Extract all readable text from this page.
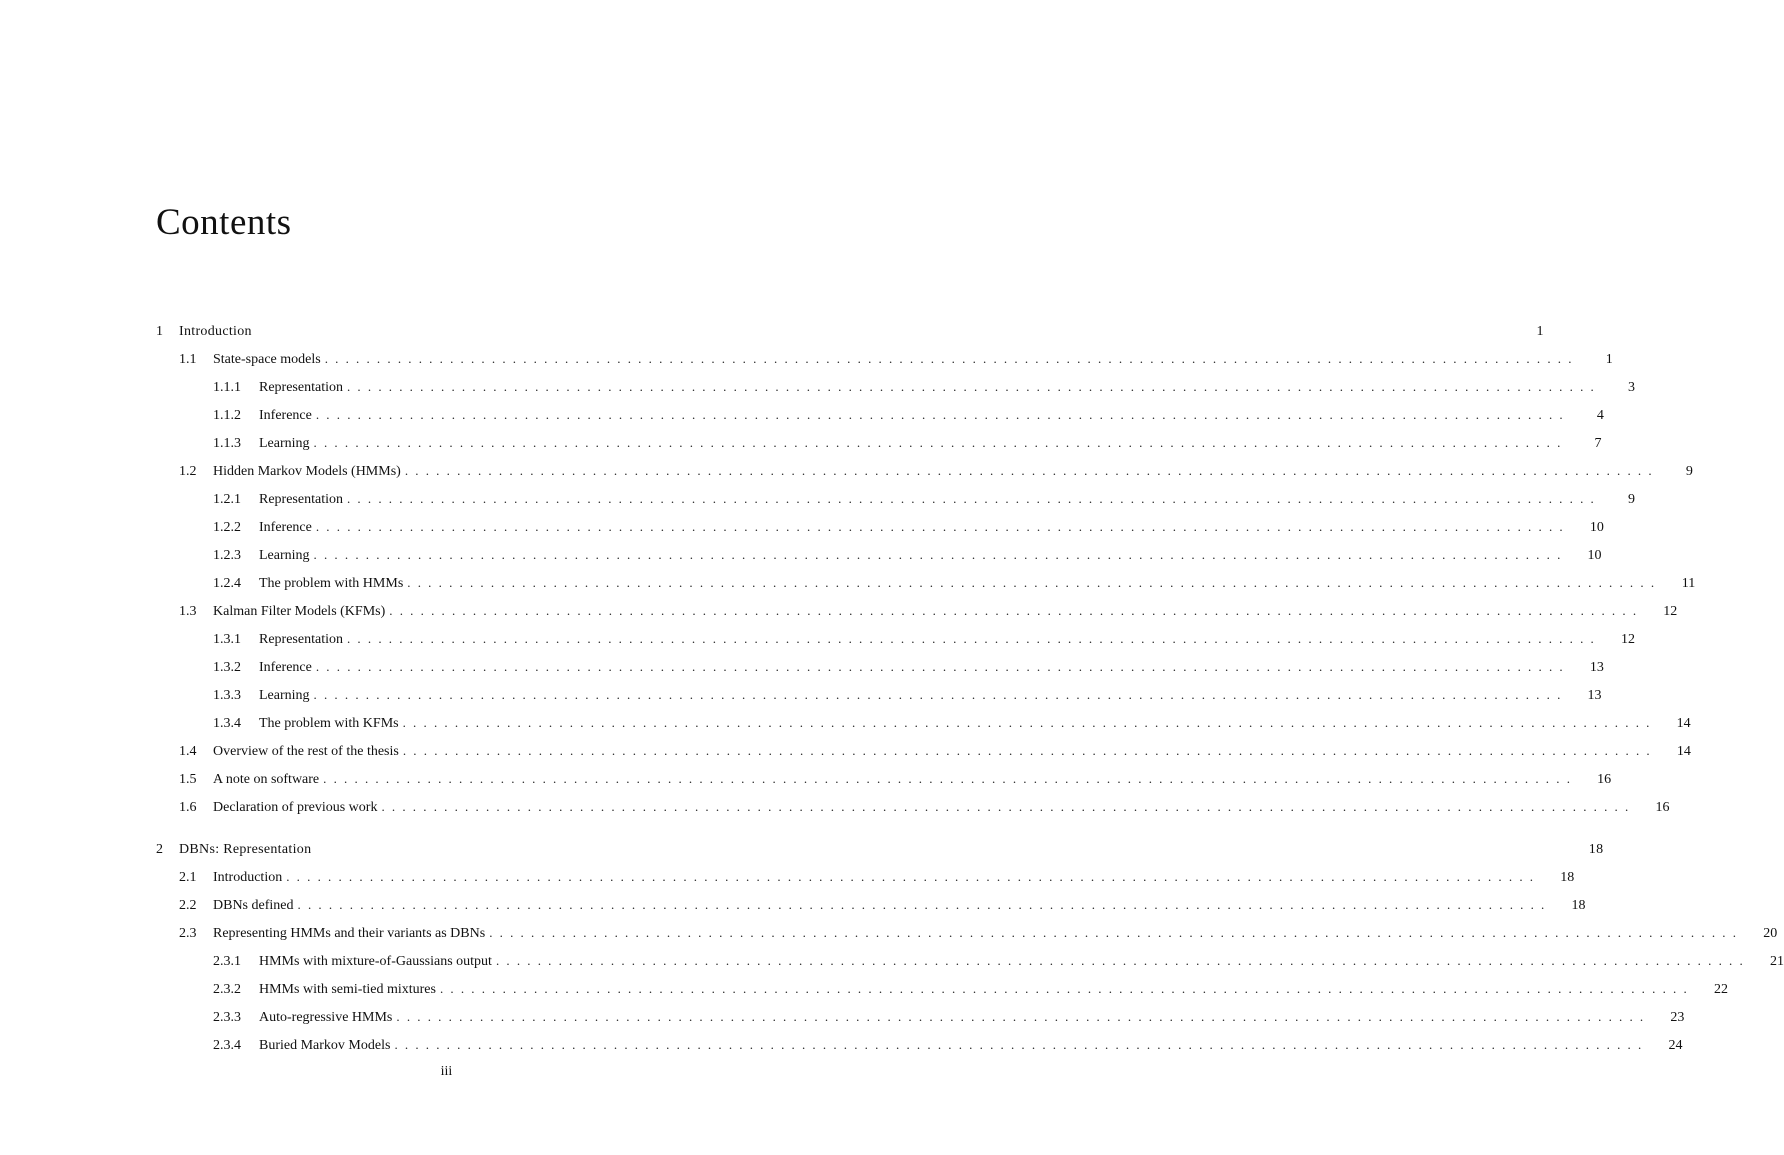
Contents
1	Introduction	1
1.1	State-space models ........................................................................................................................	1
1.1.1	Representation ........................................................................................................................	3
1.1.2	Inference ........................................................................................................................	4
1.1.3	Learning ........................................................................................................................	7
1.2	Hidden Markov Models (HMMs) ........................................................................................................................	9
1.2.1	Representation ........................................................................................................................	9
1.2.2	Inference ........................................................................................................................	10
1.2.3	Learning ........................................................................................................................	10
1.2.4	The problem with HMMs ........................................................................................................................	11
1.3	Kalman Filter Models (KFMs) ........................................................................................................................	12
1.3.1	Representation ........................................................................................................................	12
1.3.2	Inference ........................................................................................................................	13
1.3.3	Learning ........................................................................................................................	13
1.3.4	The problem with KFMs ........................................................................................................................	14
1.4	Overview of the rest of the thesis ........................................................................................................................	14
1.5	A note on software ........................................................................................................................	16
1.6	Declaration of previous work ........................................................................................................................	16
2	DBNs: Representation	18
2.1	Introduction ........................................................................................................................	18
2.2	DBNs defined ........................................................................................................................	18
2.3	Representing HMMs and their variants as DBNs ........................................................................................................................	20
2.3.1	HMMs with mixture-of-Gaussians output ........................................................................................................................	21
2.3.2	HMMs with semi-tied mixtures ........................................................................................................................	22
2.3.3	Auto-regressive HMMs ........................................................................................................................	23
2.3.4	Buried Markov Models ........................................................................................................................	24
iii
